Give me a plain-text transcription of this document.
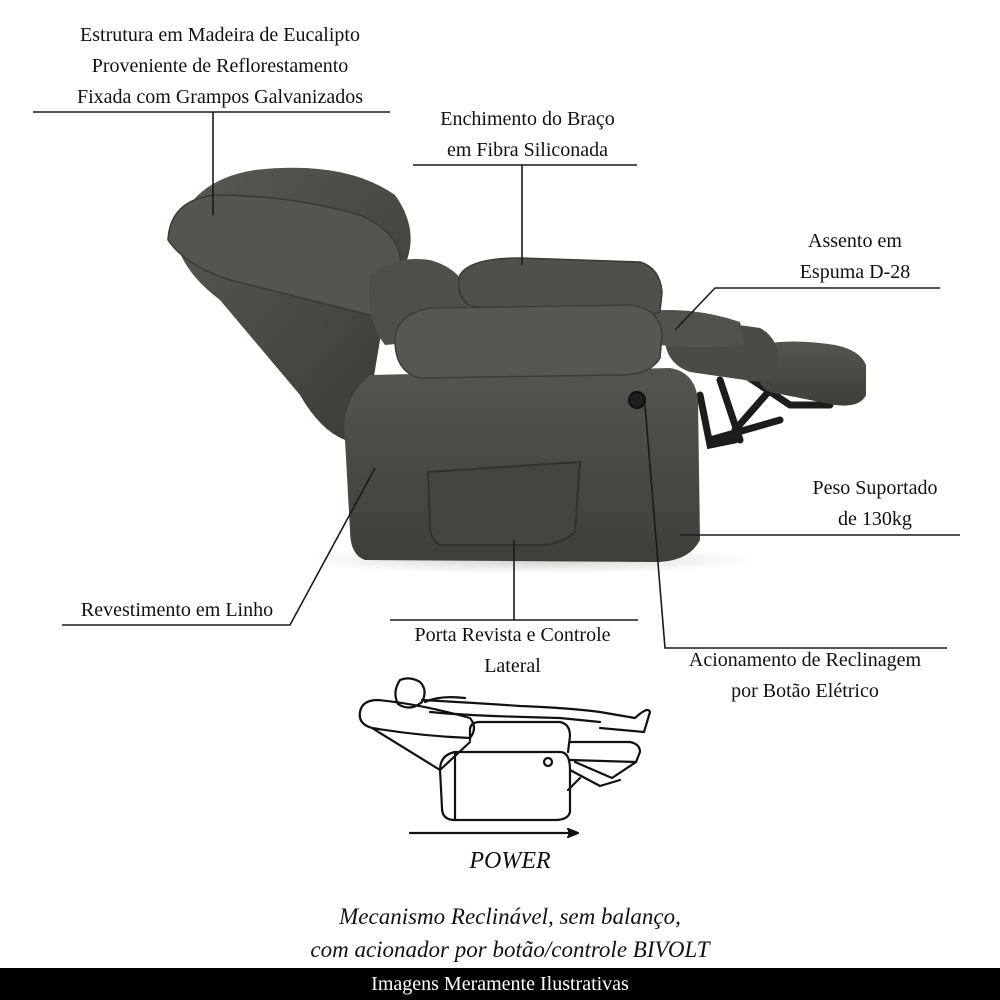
Estrutura em Madeira de Eucalipto
Proveniente de Reflorestamento
Fixada com Grampos Galvanizados
Enchimento do Braço
em Fibra Siliconada
Assento em
Espuma D-28
Peso Suportado
de 130kg
Revestimento em Linho
Porta Revista e Controle
Lateral	Acionamento de Reclinagem
por Botão Elétrico
POWER
Mecanismo Reclinável, sem balanço,
com acionador por botão/controle BIVOLT
Imagens Meramente Ilustrativas
